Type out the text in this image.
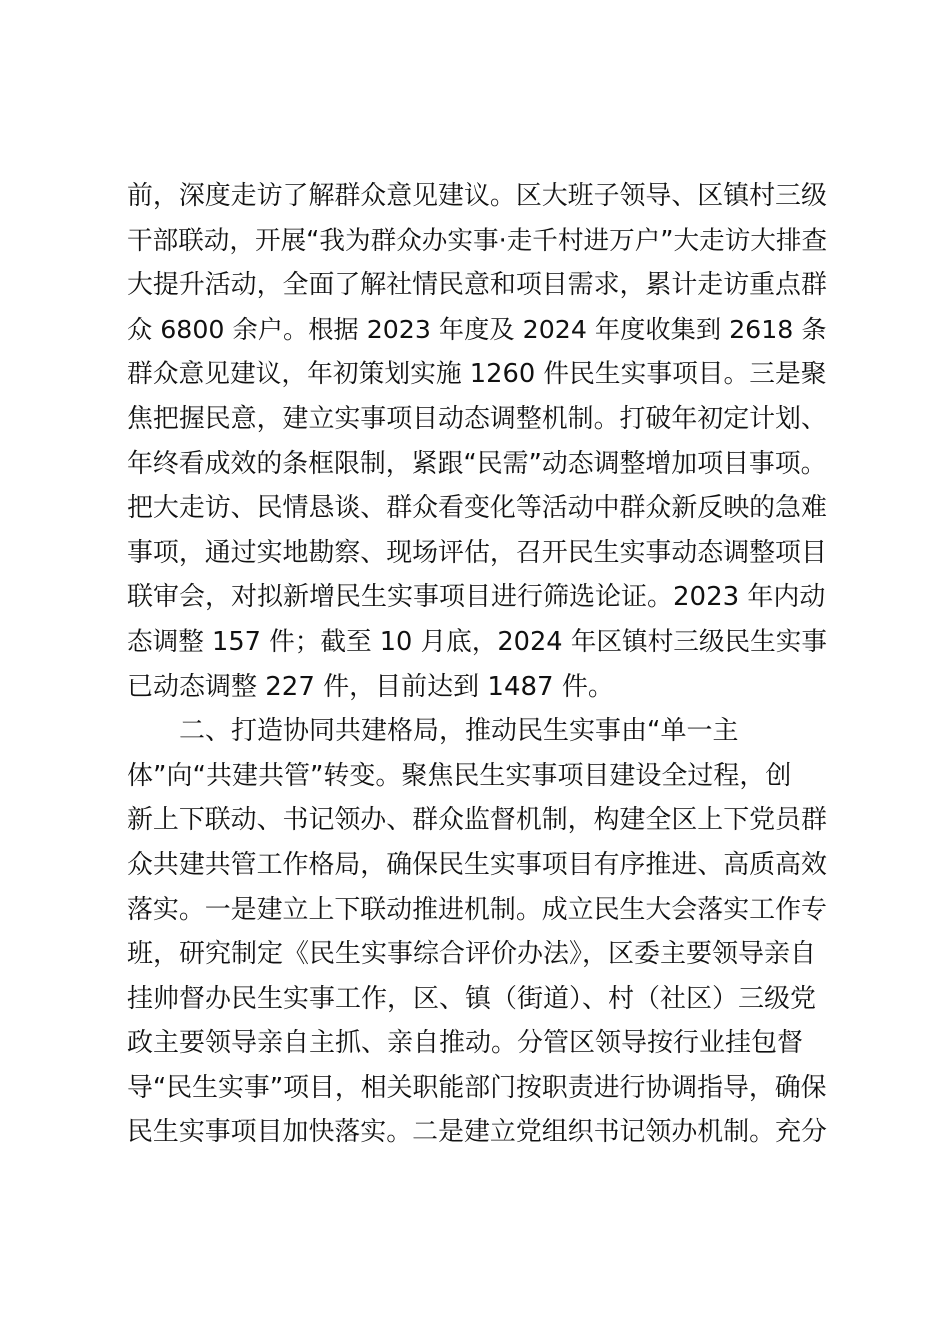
前，深度走访了解群众意见建议。区大班子领导、区镇村三级
干部联动，开展“我为群众办实事·走千村进万户”大走访大排查
大提升活动，全面了解社情民意和项目需求，累计走访重点群
众 6800 余户。根据 2023 年度及 2024 年度收集到 2618 条
群众意见建议，年初策划实施 1260 件民生实事项目。三是聚
焦把握民意，建立实事项目动态调整机制。打破年初定计划、
年终看成效的条框限制，紧跟“民需”动态调整增加项目事项。
把大走访、民情恳谈、群众看变化等活动中群众新反映的急难
事项，通过实地勘察、现场评估，召开民生实事动态调整项目
联审会，对拟新增民生实事项目进行筛选论证。2023 年内动
态调整 157 件；截至 10 月底，2024 年区镇村三级民生实事
已动态调整 227 件，目前达到 1487 件。
二、打造协同共建格局，推动民生实事由“单一主
体”向“共建共管”转变。聚焦民生实事项目建设全过程，创
新上下联动、书记领办、群众监督机制，构建全区上下党员群
众共建共管工作格局，确保民生实事项目有序推进、高质高效
落实。一是建立上下联动推进机制。成立民生大会落实工作专
班，研究制定《民生实事综合评价办法》，区委主要领导亲自
挂帅督办民生实事工作，区、镇（街道）、村（社区）三级党
政主要领导亲自主抓、亲自推动。分管区领导按行业挂包督
导“民生实事”项目，相关职能部门按职责进行协调指导，确保
民生实事项目加快落实。二是建立党组织书记领办机制。充分
